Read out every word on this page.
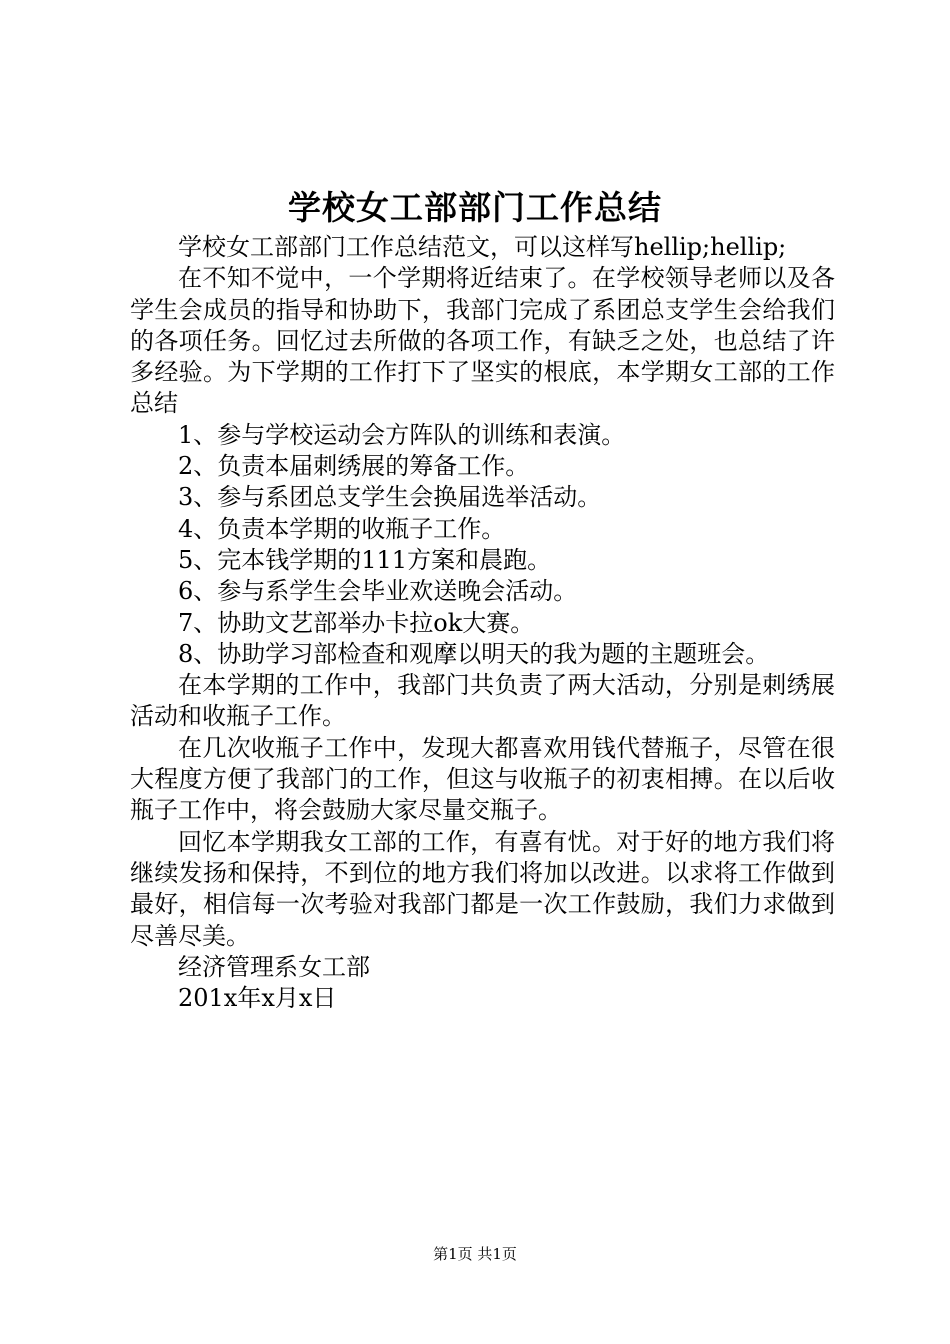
学校女工部部门工作总结

学校女工部部门工作总结范文，可以这样写hellip;hellip;

在不知不觉中，一个学期将近结束了。在学校领导老师以及各学生会成员的指导和协助下，我部门完成了系团总支学生会给我们的各项任务。回忆过去所做的各项工作，有缺乏之处，也总结了许多经验。为下学期的工作打下了坚实的根底，本学期女工部的工作总结

1、参与学校运动会方阵队的训练和表演。

2、负责本届刺绣展的筹备工作。

3、参与系团总支学生会换届选举活动。

4、负责本学期的收瓶子工作。

5、完本钱学期的111方案和晨跑。

6、参与系学生会毕业欢送晚会活动。

7、协助文艺部举办卡拉ok大赛。

8、协助学习部检查和观摩以明天的我为题的主题班会。

在本学期的工作中，我部门共负责了两大活动，分别是刺绣展活动和收瓶子工作。

在几次收瓶子工作中，发现大都喜欢用钱代替瓶子，尽管在很大程度方便了我部门的工作，但这与收瓶子的初衷相搏。在以后收瓶子工作中，将会鼓励大家尽量交瓶子。

回忆本学期我女工部的工作，有喜有忧。对于好的地方我们将继续发扬和保持，不到位的地方我们将加以改进。以求将工作做到最好，相信每一次考验对我部门都是一次工作鼓励，我们力求做到尽善尽美。

经济管理系女工部

201x年x月x日

第1页 共1页
